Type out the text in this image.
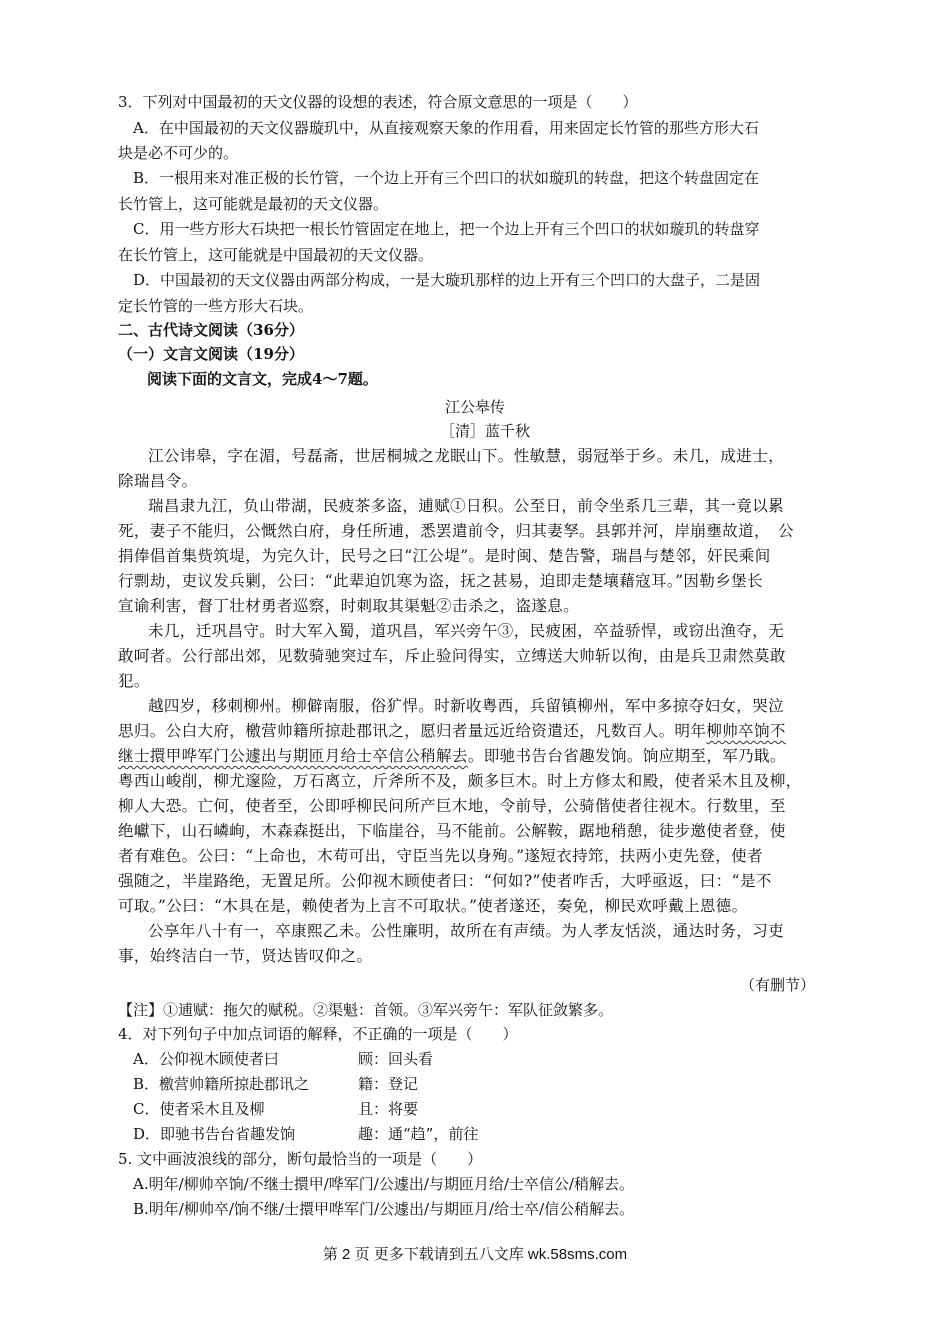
3．下列对中国最初的天文仪器的设想的表述，符合原文意思的一项是（　　）
A．在中国最初的天文仪器璇玑中，从直接观察天象的作用看，用来固定长竹管的那些方形大石
块是必不可少的。
B．一根用来对准正极的长竹管，一个边上开有三个凹口的状如璇玑的转盘，把这个转盘固定在
长竹管上，这可能就是最初的天文仪器。
C．用一些方形大石块把一根长竹管固定在地上，把一个边上开有三个凹口的状如璇玑的转盘穿
在长竹管上，这可能就是中国最初的天文仪器。
D．中国最初的天文仪器由两部分构成，一是大璇玑那样的边上开有三个凹口的大盘子，二是固
定长竹管的一些方形大石块。
二、古代诗文阅读（36分）
（一）文言文阅读（19分）
阅读下面的文言文，完成4～7题。
江公皋传
［清］蓝千秋
江公讳皋，字在湄，号磊斋，世居桐城之龙眠山下。性敏慧，弱冠举于乡。未几，成进士，
除瑞昌令。
瑞昌隶九江，负山带湖，民疲茶多盗，逋赋①日积。公至日，前令坐系几三辈，其一竟以累
死，妻子不能归，公慨然白府，身任所逋，悉罢遣前令，归其妻孥。县郭并河，岸崩壅故道，　公
捐俸倡首集赀筑堤，为完久计，民号之曰“江公堤”。是时闽、楚告警，瑞昌与楚邻，奸民乘间
行剽劫，吏议发兵剿，公曰：“此辈迫饥寒为盗，抚之甚易，迫即走楚壤藉寇耳。”因勒乡堡长
宣谕利害，督丁壮材勇者巡察，时刺取其渠魁②击杀之，盗遂息。
未几，迁巩昌守。时大军入蜀，道巩昌，军兴旁午③，民疲困，卒益骄悍，或窃出渔夺，无
敢呵者。公行部出郊，见数骑驰突过车，斥止验问得实，立缚送大帅斩以徇，由是兵卫肃然莫敢
犯。
越四岁，移刺柳州。柳僻南服，俗犷悍。时新收粤西，兵留镇柳州，军中多掠夺妇女，哭泣
思归。公白大府，檄营帅籍所掠赴郡讯之，愿归者量远近给资遣还，凡数百人。明年柳帅卒饷不
继士擐甲哗军门公遽出与期匝月给士卒信公稍解去。即驰书告台省趣发饷。饷应期至，军乃戢。
粤西山峻削，柳尤邃险，万石离立，斤斧所不及，颇多巨木。时上方修太和殿，使者采木且及柳，
柳人大恐。亡何，使者至，公即呼柳民问所产巨木地，令前导，公骑偕使者往视木。行数里，至
绝巘下，山石嶙峋，木森森挺出，下临崖谷，马不能前。公解鞍，踞地稍憩，徒步邀使者登，使
者有难色。公曰：“上命也，木苟可出，守臣当先以身殉。”遂短衣持筇，扶两小吏先登，使者
强随之，半崖路绝，无置足所。公仰视木顾使者曰：“何如?”使者咋舌，大呼亟返，曰：“是不
可取。”公曰：“木具在是，赖使者为上言不可取状。”使者遂还，奏免，柳民欢呼戴上恩德。
公享年八十有一，卒康熙乙未。公性廉明，故所在有声绩。为人孝友恬淡，通达时务，习吏
事，始终洁白一节，贤达皆叹仰之。
（有删节）
【注】①逋赋：拖欠的赋税。②渠魁：首领。③军兴旁午：军队征敛繁多。
4．对下列句子中加点词语的解释，不正确的一项是（　　）
A．公仰视木顾使者曰	顾：回头看
B．檄营帅籍所掠赴郡讯之	籍：登记
C．使者采木且及柳	且：将要
D．即驰书告台省趣发饷	趣：通“趋”，前往
5. 文中画波浪线的部分，断句最恰当的一项是（　　）
A.明年/柳帅卒饷/不继士擐甲/哗军门/公遽出/与期匝月给/士卒信公/稍解去。
B.明年/柳帅卒/饷不继/士擐甲哗军门/公遽出/与期匝月/给士卒/信公稍解去。
第 2 页 更多下载请到五八文库 wk.58sms.com
